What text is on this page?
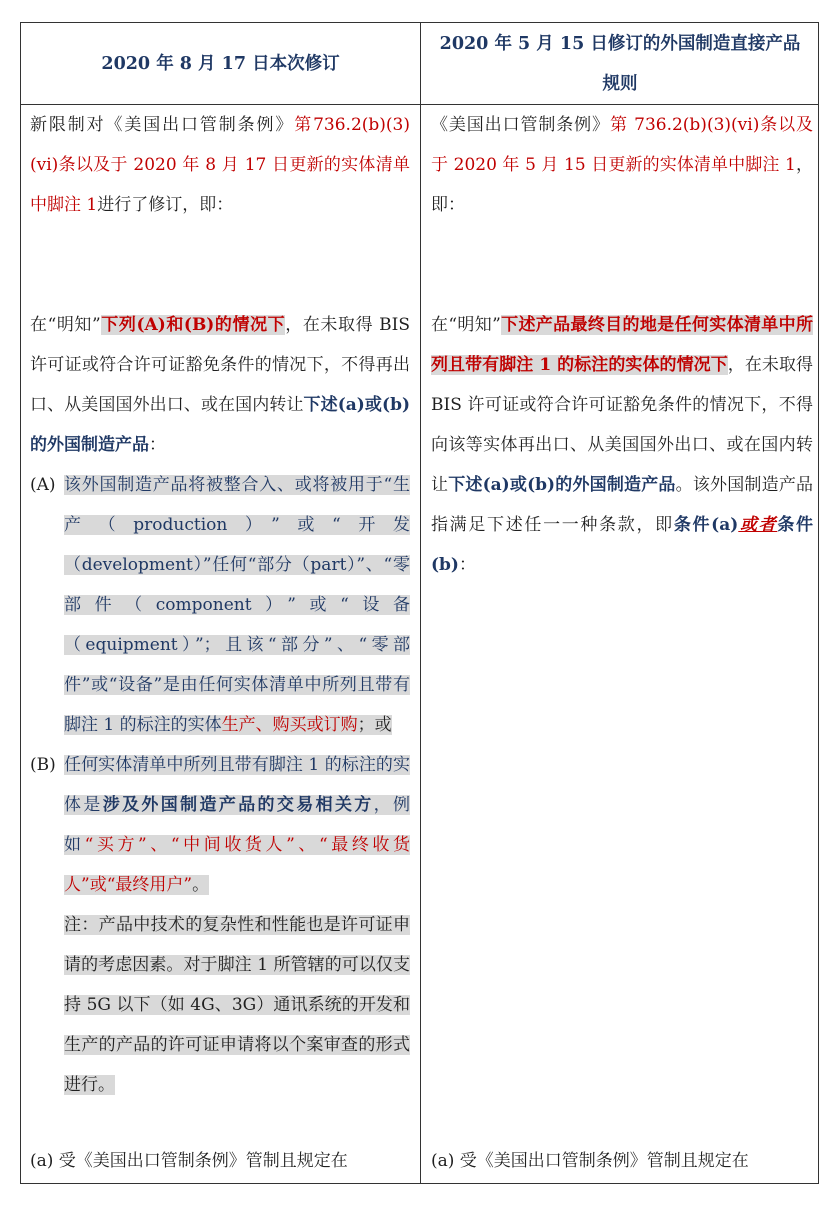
2020 年 8 月 17 日本次修订
2020 年 5 月 15 日修订的外国制造直接产品规则

新限制对《美国出口管制条例》第736.2(b)(3)(vi)条以及于 2020 年 8 月 17 日更新的实体清单中脚注 1进行了修订，即：

在“明知”下列(A)和(B)的情况下，在未取得 BIS 许可证或符合许可证豁免条件的情况下，不得再出口、从美国国外出口、或在国内转让下述(a)或(b)的外国制造产品：

(A) 该外国制造产品将被整合入、或将被用于“生产（production）”或“开发（development）”任何“部分（part）”、“零部件（component）”或“设备（equipment）”；且该“部分”、“零部件”或“设备”是由任何实体清单中所列且带有脚注 1 的标注的实体生产、购买或订购；或

(B) 任何实体清单中所列且带有脚注 1 的标注的实体是涉及外国制造产品的交易相关方，例如“买方”、“中间收货人”、“最终收货人”或“最终用户”。

注：产品中技术的复杂性和性能也是许可证申请的考虑因素。对于脚注 1 所管辖的可以仅支持 5G 以下（如 4G、3G）通讯系统的开发和生产的产品的许可证申请将以个案审查的形式进行。

《美国出口管制条例》第 736.2(b)(3)(vi)条以及于 2020 年 5 月 15 日更新的实体清单中脚注 1，即：

在“明知”下述产品最终目的地是任何实体清单中所列且带有脚注 1 的标注的实体的情况下，在未取得 BIS 许可证或符合许可证豁免条件的情况下，不得向该等实体再出口、从美国国外出口、或在国内转让下述(a)或(b)的外国制造产品。该外国制造产品指满足下述任一一种条款，即条件(a)或者条件(b)：

(a) 受《美国出口管制条例》管制且规定在	(a) 受《美国出口管制条例》管制且规定在
